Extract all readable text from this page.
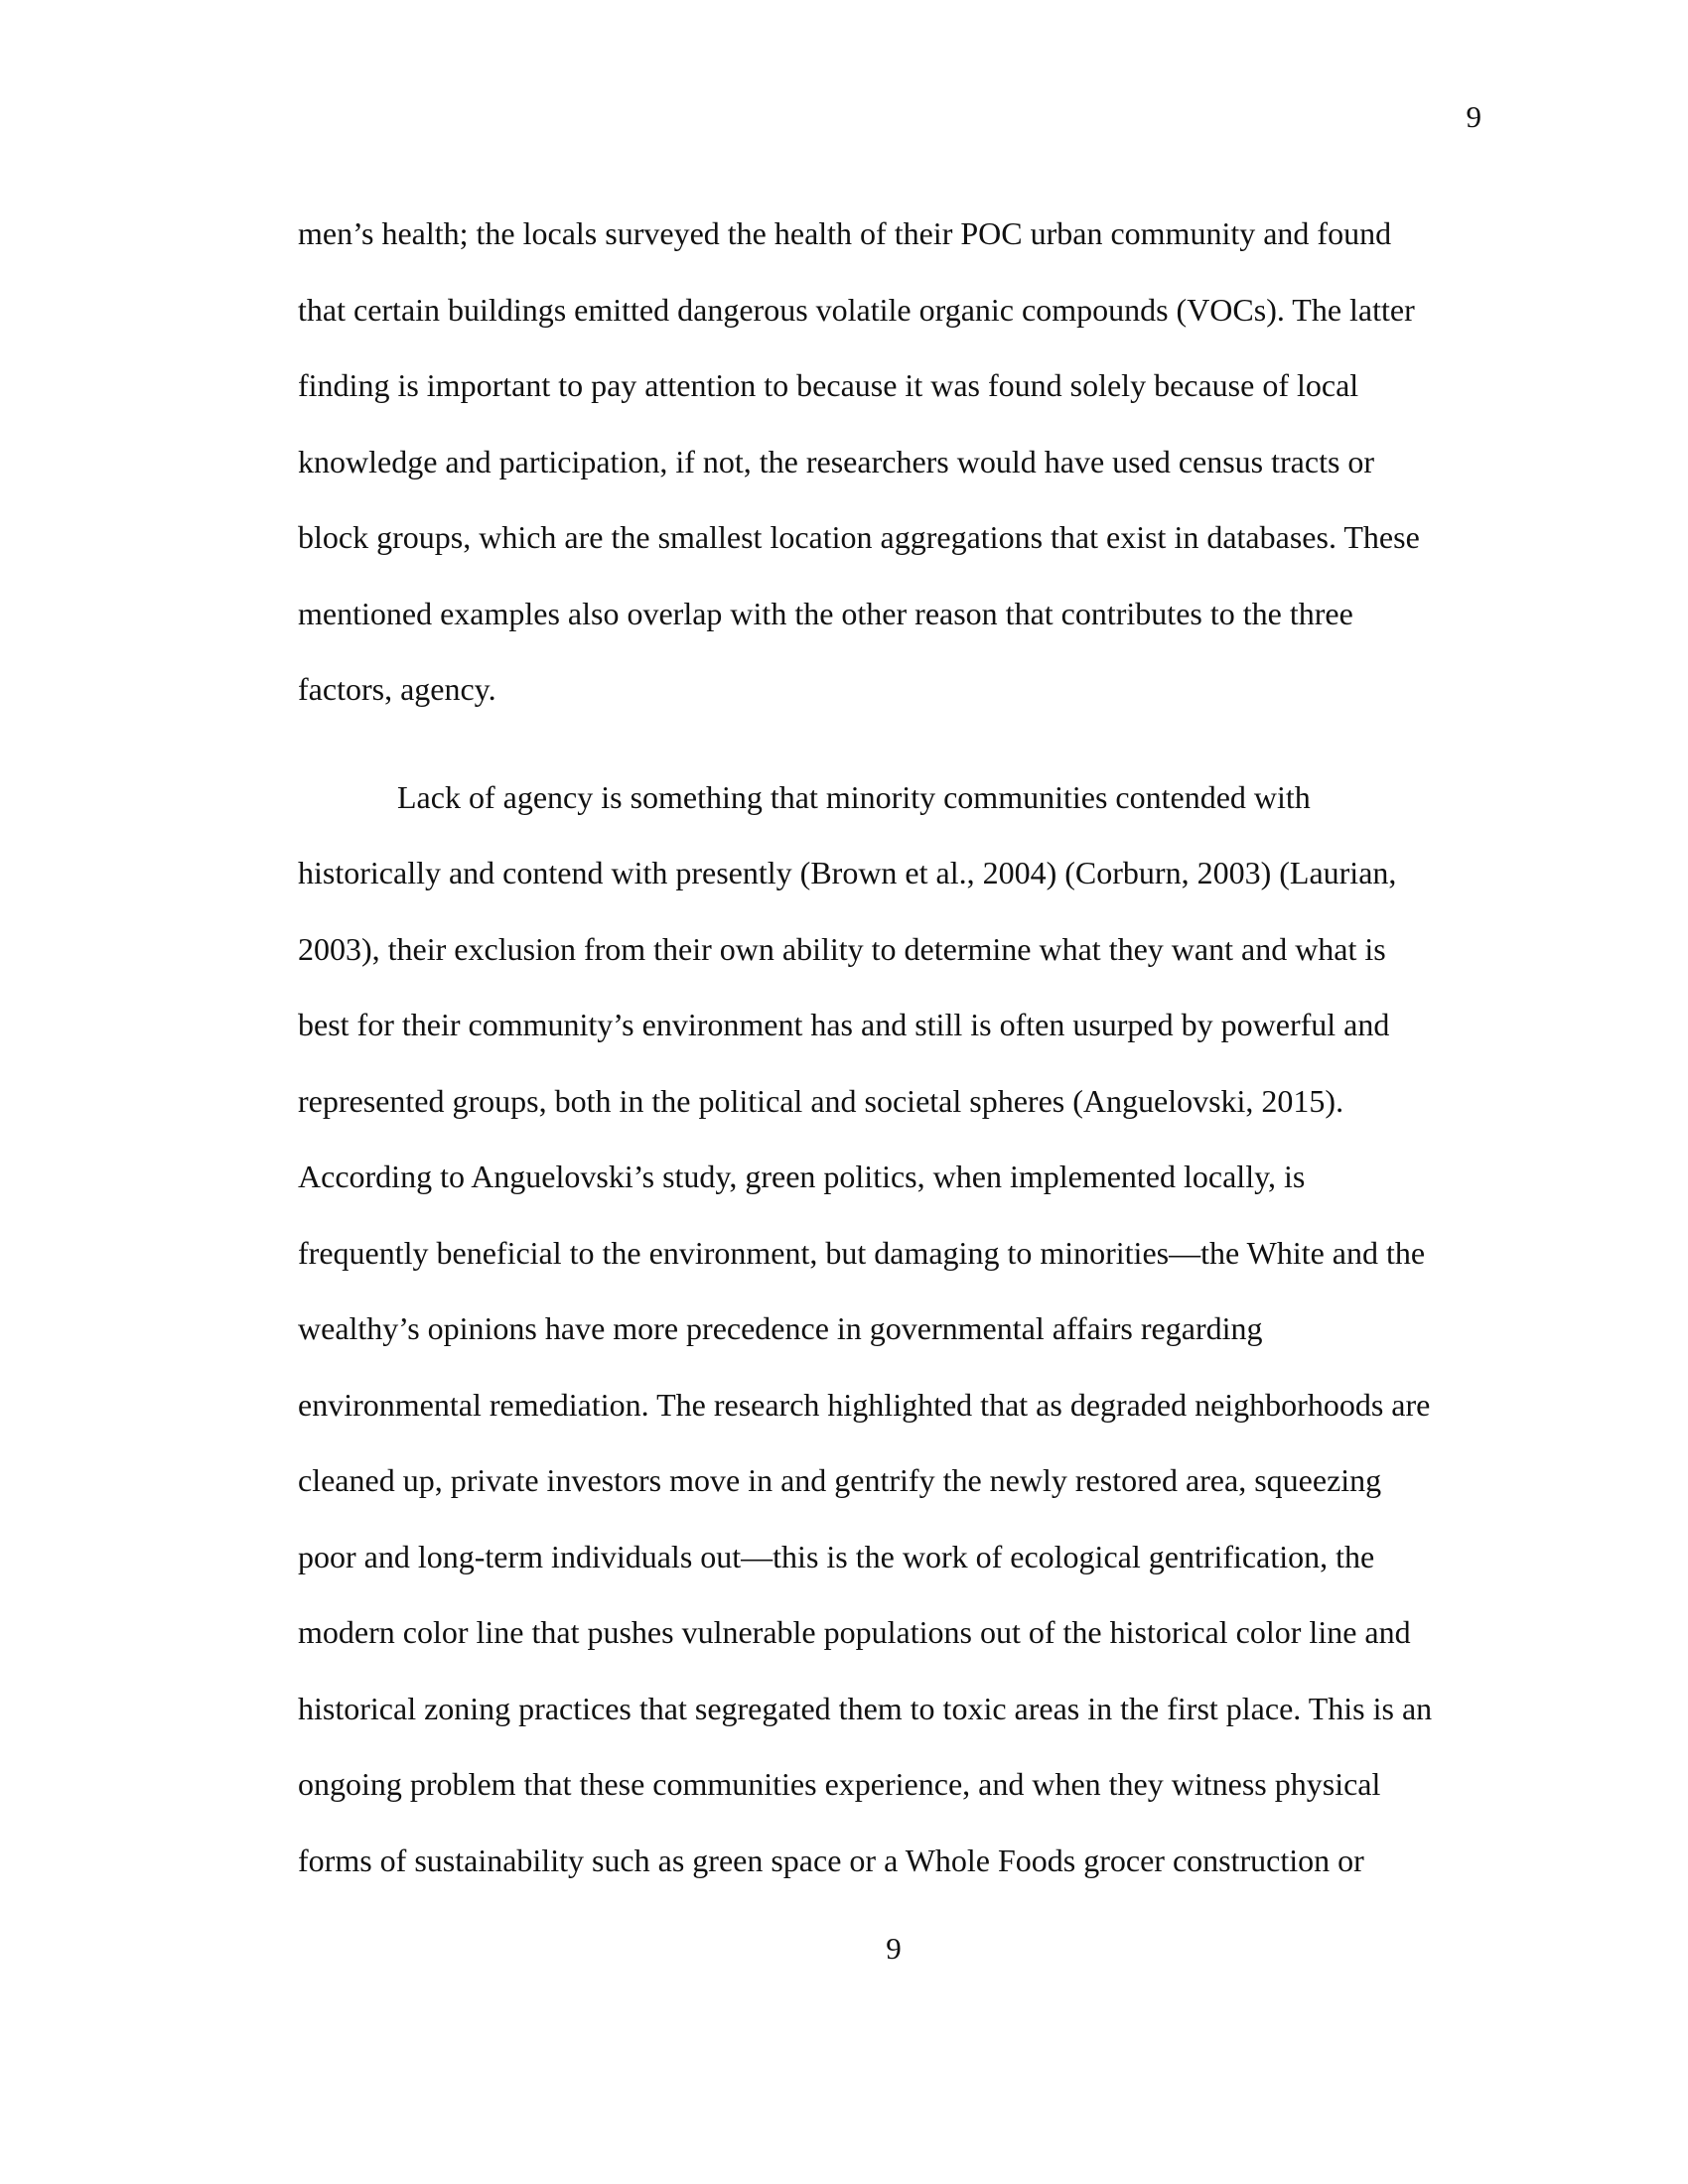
9
men’s health; the locals surveyed the health of their POC urban community and found
that certain buildings emitted dangerous volatile organic compounds (VOCs). The latter
finding is important to pay attention to because it was found solely because of local
knowledge and participation, if not, the researchers would have used census tracts or
block groups, which are the smallest location aggregations that exist in databases. These
mentioned examples also overlap with the other reason that contributes to the three
factors, agency.
Lack of agency is something that minority communities contended with
historically and contend with presently (Brown et al., 2004) (Corburn, 2003) (Laurian,
2003), their exclusion from their own ability to determine what they want and what is
best for their community’s environment has and still is often usurped by powerful and
represented groups, both in the political and societal spheres (Anguelovski, 2015).
According to Anguelovski’s study, green politics, when implemented locally, is
frequently beneficial to the environment, but damaging to minorities—the White and the
wealthy’s opinions have more precedence in governmental affairs regarding
environmental remediation. The research highlighted that as degraded neighborhoods are
cleaned up, private investors move in and gentrify the newly restored area, squeezing
poor and long-term individuals out—this is the work of ecological gentrification, the
modern color line that pushes vulnerable populations out of the historical color line and
historical zoning practices that segregated them to toxic areas in the first place. This is an
ongoing problem that these communities experience, and when they witness physical
forms of sustainability such as green space or a Whole Foods grocer construction or
9
